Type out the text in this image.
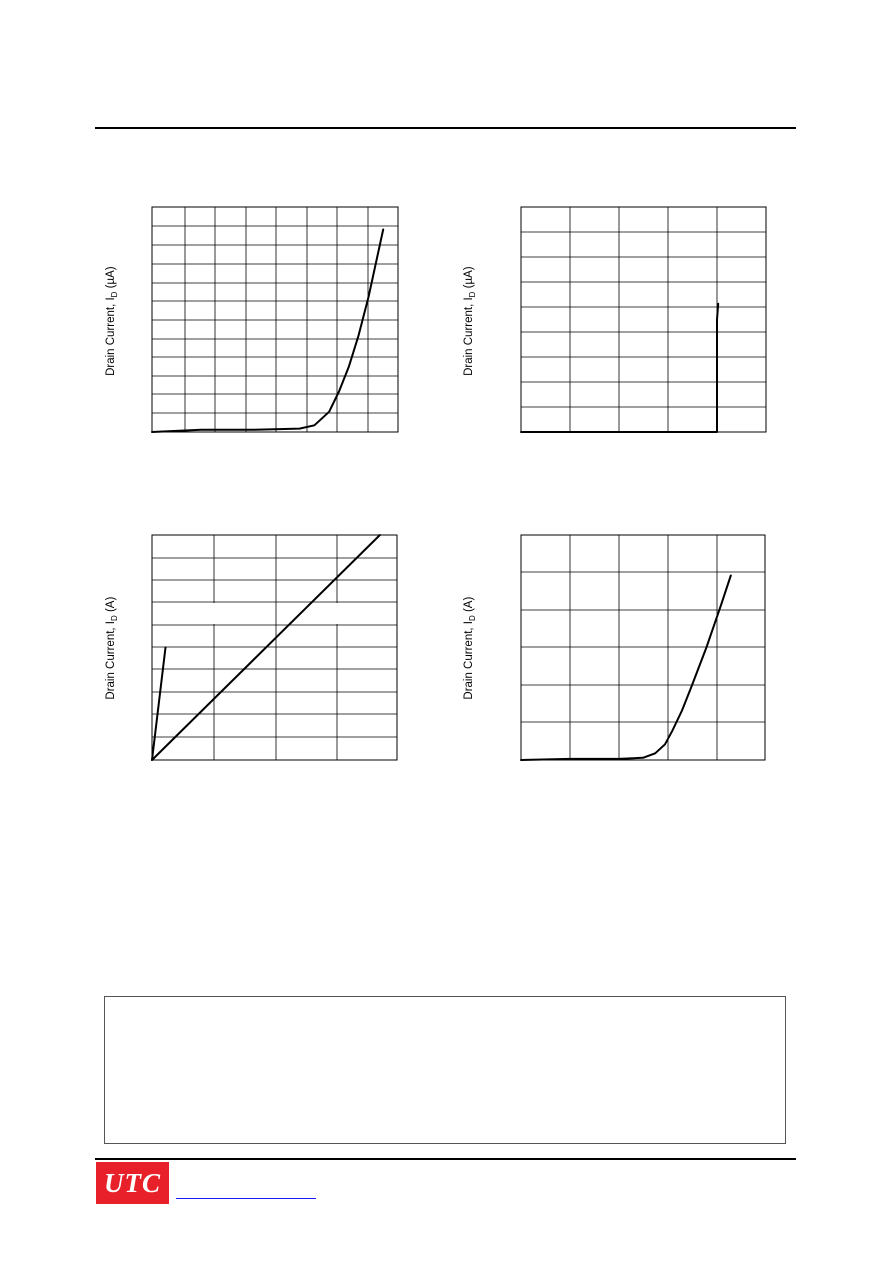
Drain Current, $I_D$ (µA)
Drain Current, $I_D$ (µA)
Drain Current, $I_D$ (A)
Drain Current, $I_D$ (A)
UTC
